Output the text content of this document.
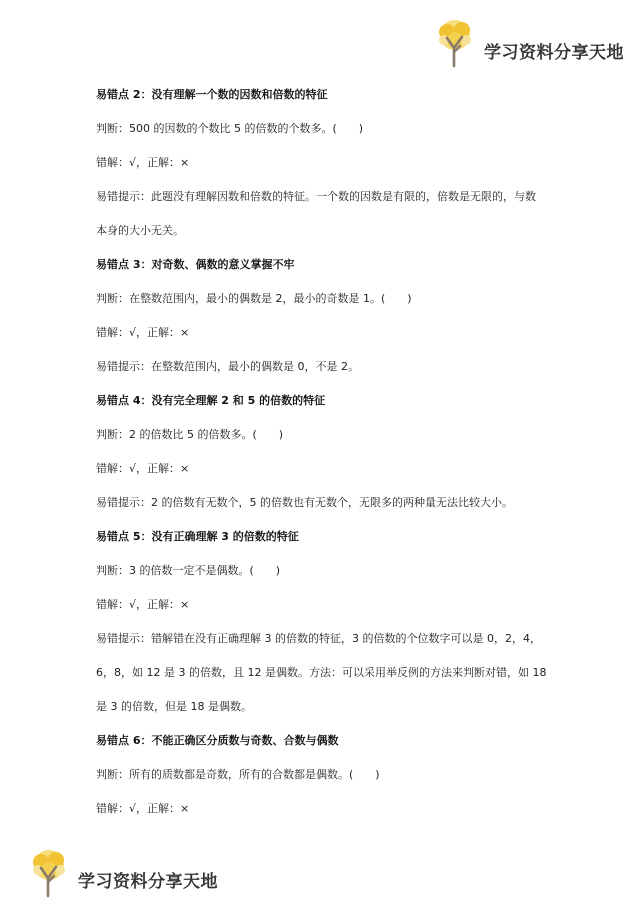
学习资料分享天地
易错点 2：没有理解一个数的因数和倍数的特征
判断：500 的因数的个数比 5 的倍数的个数多。(　　)
错解：√，正解：×
易错提示：此题没有理解因数和倍数的特征。一个数的因数是有限的，倍数是无限的，与数
本身的大小无关。
易错点 3：对奇数、偶数的意义掌握不牢
判断：在整数范围内，最小的偶数是 2，最小的奇数是 1。(　　)
错解：√，正解：×
易错提示：在整数范围内，最小的偶数是 0，不是 2。
易错点 4：没有完全理解 2 和 5 的倍数的特征
判断：2 的倍数比 5 的倍数多。(　　)
错解：√，正解：×
易错提示：2 的倍数有无数个，5 的倍数也有无数个，无限多的两种量无法比较大小。
易错点 5：没有正确理解 3 的倍数的特征
判断：3 的倍数一定不是偶数。(　　)
错解：√，正解：×
易错提示：错解错在没有正确理解 3 的倍数的特征，3 的倍数的个位数字可以是 0，2，4，
6，8，如 12 是 3 的倍数，且 12 是偶数。方法：可以采用举反例的方法来判断对错，如 18
是 3 的倍数，但是 18 是偶数。
易错点 6：不能正确区分质数与奇数、合数与偶数
判断：所有的质数都是奇数，所有的合数都是偶数。(　　)
错解：√，正解：×
学习资料分享天地
